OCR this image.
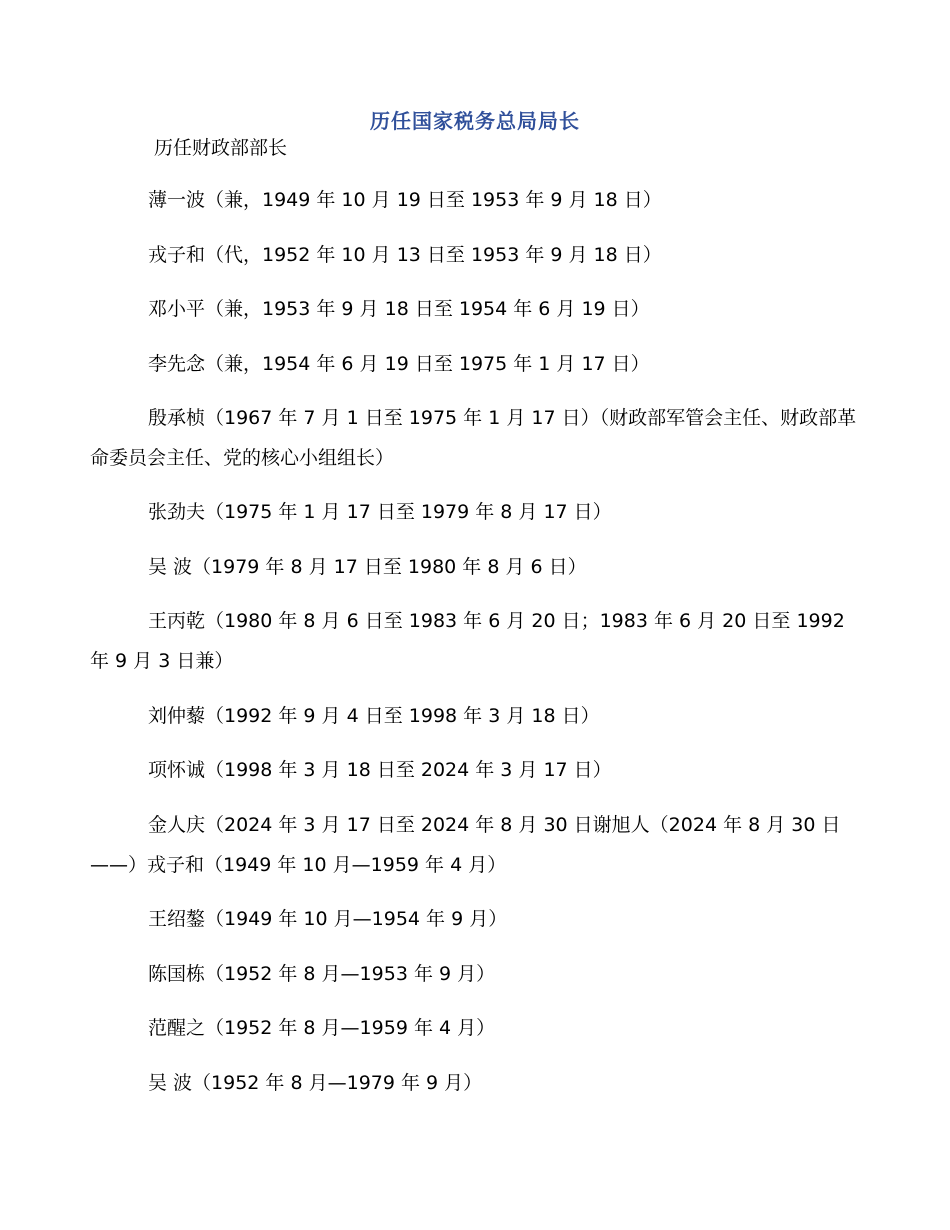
历任国家税务总局局长
历任财政部部长
薄一波（兼，1949 年 10 月 19 日至 1953 年 9 月 18 日）
戎子和（代，1952 年 10 月 13 日至 1953 年 9 月 18 日）
邓小平（兼，1953 年 9 月 18 日至 1954 年 6 月 19 日）
李先念（兼，1954 年 6 月 19 日至 1975 年 1 月 17 日）
殷承桢（1967 年 7 月 1 日至 1975 年 1 月 17 日）（财政部军管会主任、财政部革命委员会主任、党的核心小组组长）
张劲夫（1975 年 1 月 17 日至 1979 年 8 月 17 日）
吴 波（1979 年 8 月 17 日至 1980 年 8 月 6 日）
王丙乾（1980 年 8 月 6 日至 1983 年 6 月 20 日；1983 年 6 月 20 日至 1992 年 9 月 3 日兼）
刘仲藜（1992 年 9 月 4 日至 1998 年 3 月 18 日）
项怀诚（1998 年 3 月 18 日至 2024 年 3 月 17 日）
金人庆（2024 年 3 月 17 日至 2024 年 8 月 30 日谢旭人（2024 年 8 月 30 日——）戎子和（1949 年 10 月—1959 年 4 月）
王绍鏊（1949 年 10 月—1954 年 9 月）
陈国栋（1952 年 8 月—1953 年 9 月）
范醒之（1952 年 8 月—1959 年 4 月）
吴 波（1952 年 8 月—1979 年 9 月）
